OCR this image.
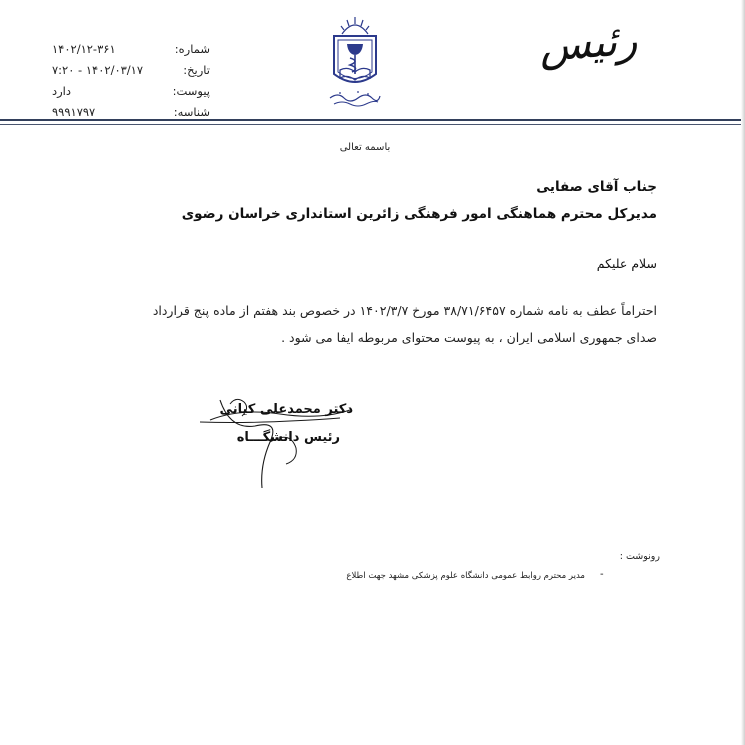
شماره:
۱۴۰۲/۱۲-۳۶۱
تاریخ:
۷:۲۰ - ۱۴۰۲/۰۳/۱۷
پیوست:
دارد
شناسه:
۹۹۹۱۷۹۷
رئیس
باسمه تعالی
جناب آقای صفایی
مدیرکل محترم هماهنگی امور فرهنگی زائرین استانداری خراسان رضوی
سلام علیکم
احتراماً عطف به نامه شماره ۳۸/۷۱/۶۴۵۷ مورخ ۱۴۰۲/۳/۷ در خصوص بند هفتم از ماده پنج قرارداد
صدای جمهوری اسلامی ایران ، به پیوست محتوای مربوطه ایفا می شود .
دکتر محمدعلی کیانی
رئیس دانشگـــاه
رونوشت :
-
مدیر محترم روابط عمومی دانشگاه علوم پزشکی مشهد جهت اطلاع
